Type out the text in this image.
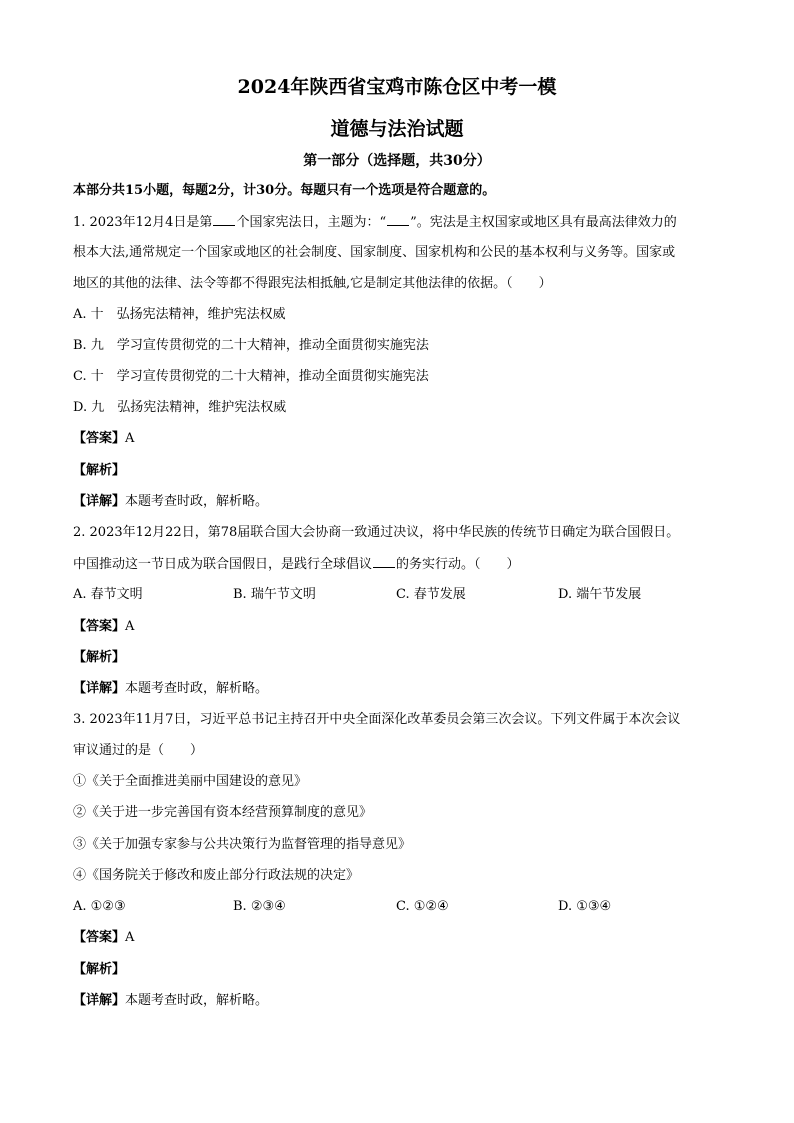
2024年陕西省宝鸡市陈仓区中考一模
道德与法治试题
第一部分（选择题，共30分）
本部分共15小题，每题2分，计30分。每题只有一个选项是符合题意的。
1. 2023年12月4日是第 个国家宪法日，主题为：“ ”。宪法是主权国家或地区具有最高法律效力的
根本大法,通常规定一个国家或地区的社会制度、国家制度、国家机构和公民的基本权利与义务等。国家或
地区的其他的法律、法令等都不得跟宪法相抵触,它是制定其他法律的依据。（　　）
A. 十　弘扬宪法精神，维护宪法权威
B. 九　学习宣传贯彻党的二十大精神，推动全面贯彻实施宪法
C. 十　学习宣传贯彻党的二十大精神，推动全面贯彻实施宪法
D. 九　弘扬宪法精神，维护宪法权威
【答案】A
【解析】
【详解】本题考查时政，解析略。
2. 2023年12月22日，第78届联合国大会协商一致通过决议，将中华民族的传统节日确定为联合国假日。
中国推动这一节日成为联合国假日，是践行全球倡议 的务实行动。（　　）
A. 春节文明	B. 瑞午节文明	C. 春节发展	D. 端午节发展
【答案】A
【解析】
【详解】本题考查时政，解析略。
3. 2023年11月7日，习近平总书记主持召开中央全面深化改革委员会第三次会议。下列文件属于本次会议
审议通过的是（　　）
①《关于全面推进美丽中国建设的意见》
②《关于进一步完善国有资本经营预算制度的意见》
③《关于加强专家参与公共决策行为监督管理的指导意见》
④《国务院关于修改和废止部分行政法规的决定》
A. ①②③	B. ②③④	C. ①②④	D. ①③④
【答案】A
【解析】
【详解】本题考查时政，解析略。
